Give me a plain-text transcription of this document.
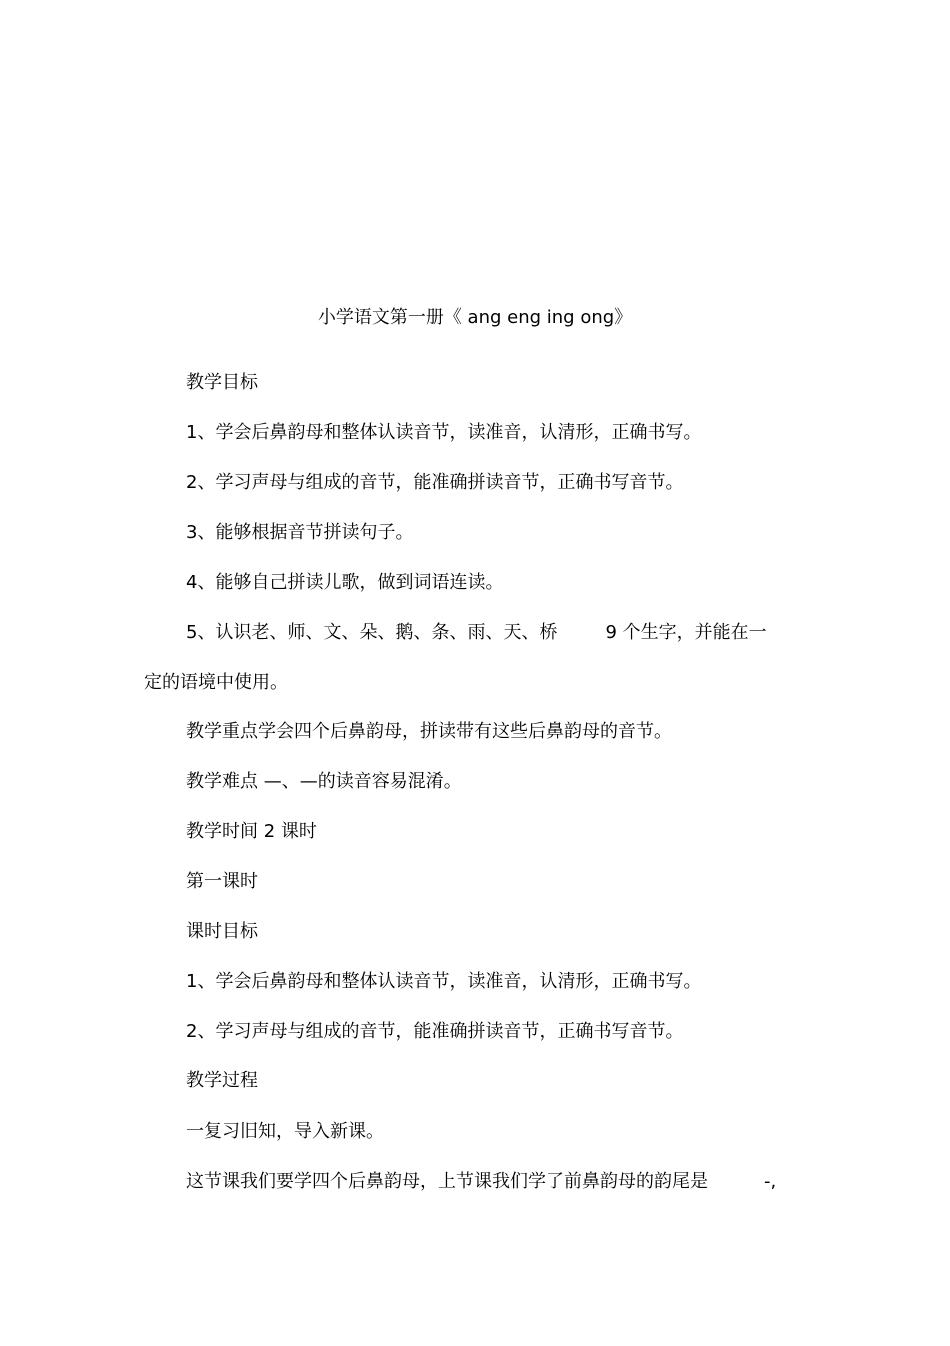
小学语文第一册《 ang eng ing ong》
教学目标
1、学会后鼻韵母和整体认读音节，读准音，认清形，正确书写。
2、学习声母与组成的音节，能准确拼读音节，正确书写音节。
3、能够根据音节拼读句子。
4、能够自己拼读儿歌，做到词语连读。
5、认识老、师、文、朵、鹅、条、雨、天、桥	9 个生字，并能在一
定的语境中使用。
教学重点学会四个后鼻韵母，拼读带有这些后鼻韵母的音节。
教学难点 —、—的读音容易混淆。
教学时间 2 课时
第一课时
课时目标
1、学会后鼻韵母和整体认读音节，读准音，认清形，正确书写。
2、学习声母与组成的音节，能准确拼读音节，正确书写音节。
教学过程
一复习旧知，导入新课。
这节课我们要学四个后鼻韵母，上节课我们学了前鼻韵母的韵尾是	-,
